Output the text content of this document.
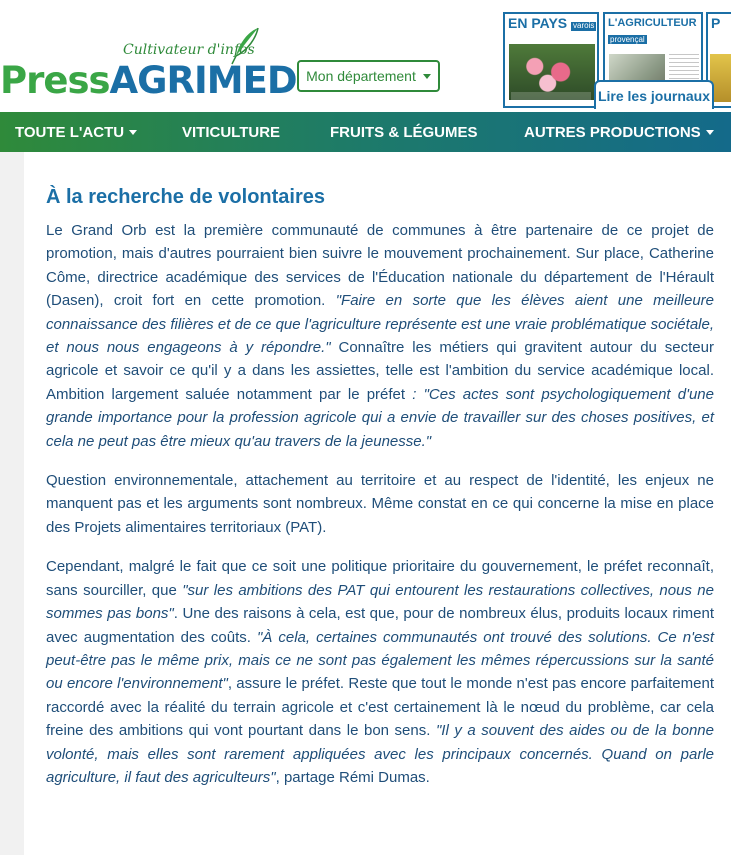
Cultivateur d'infos
PressAGRIMED Mon département
EN PAYS varois L'AGRICULTEUR
provençal
P
Lire les journaux
TOUTE L'ACTU	VITICULTURE	FRUITS & LÉGUMES	AUTRES PRODUCTIONS
À la recherche de volontaires

Le Grand Orb est la première communauté de communes à être partenaire de ce projet de promotion, mais d'autres pourraient bien suivre le mouvement prochainement. Sur place, Catherine Côme, directrice académique des services de l'Éducation nationale du département de l'Hérault (Dasen), croit fort en cette promotion. "Faire en sorte que les élèves aient une meilleure connaissance des filières et de ce que l'agriculture représente est une vraie problématique sociétale, et nous nous engageons à y répondre." Connaître les métiers qui gravitent autour du secteur agricole et savoir ce qu'il y a dans les assiettes, telle est l'ambition du service académique local. Ambition largement saluée notamment par le préfet : "Ces actes sont psychologiquement d'une grande importance pour la profession agricole qui a envie de travailler sur des choses positives, et cela ne peut pas être mieux qu'au travers de la jeunesse."

Question environnementale, attachement au territoire et au respect de l'identité, les enjeux ne manquent pas et les arguments sont nombreux. Même constat en ce qui concerne la mise en place des Projets alimentaires territoriaux (PAT).

Cependant, malgré le fait que ce soit une politique prioritaire du gouvernement, le préfet reconnaît, sans sourciller, que "sur les ambitions des PAT qui entourent les restaurations collectives, nous ne sommes pas bons". Une des raisons à cela, est que, pour de nombreux élus, produits locaux riment avec augmentation des coûts. "À cela, certaines communautés ont trouvé des solutions. Ce n'est peut-être pas le même prix, mais ce ne sont pas également les mêmes répercussions sur la santé ou encore l'environnement", assure le préfet. Reste que tout le monde n'est pas encore parfaitement raccordé avec la réalité du terrain agricole et c'est certainement là le nœud du problème, car cela freine des ambitions qui vont pourtant dans le bon sens. "Il y a souvent des aides ou de la bonne volonté, mais elles sont rarement appliquées avec les principaux concernés. Quand on parle agriculture, il faut des agriculteurs", partage Rémi Dumas.
